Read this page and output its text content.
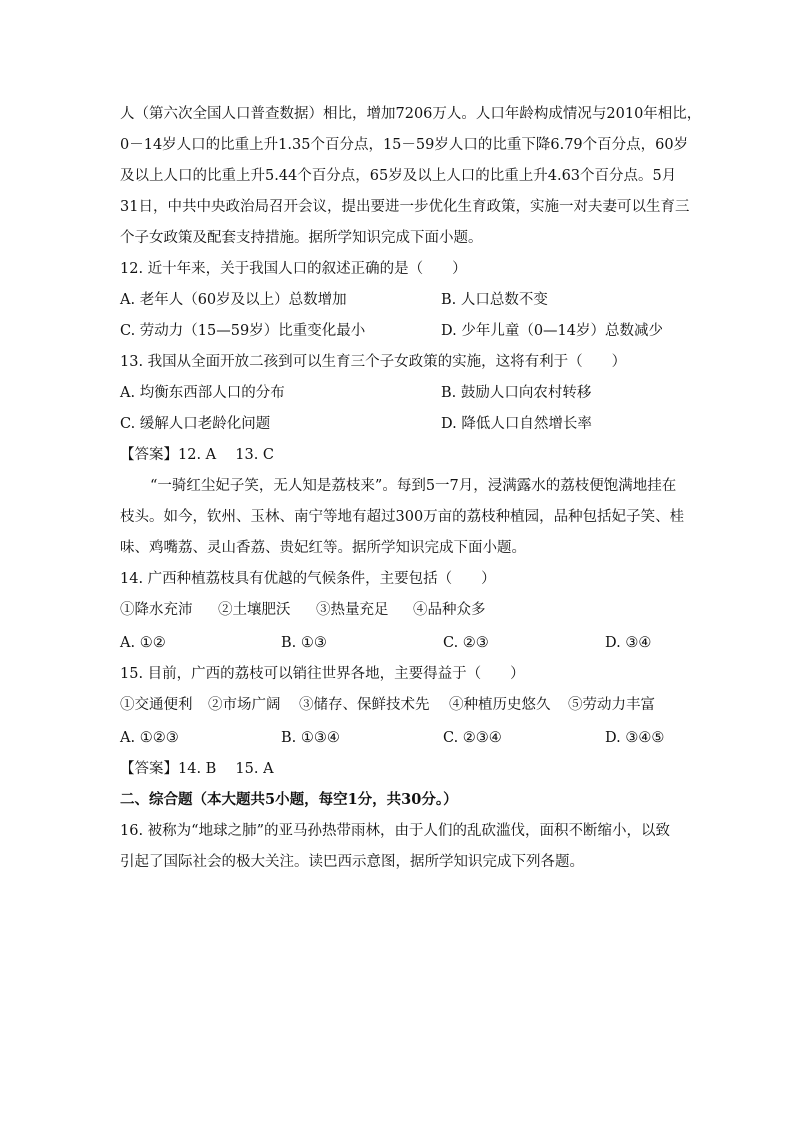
人（第六次全国人口普查数据）相比，增加7206万人。人口年龄构成情况与2010年相比，
0－14岁人口的比重上升1.35个百分点，15－59岁人口的比重下降6.79个百分点，60岁
及以上人口的比重上升5.44个百分点，65岁及以上人口的比重上升4.63个百分点。5月
31日，中共中央政治局召开会议，提出要进一步优化生育政策，实施一对夫妻可以生育三
个子女政策及配套支持措施。据所学知识完成下面小题。
12. 近十年来，关于我国人口的叙述正确的是（　　）
A. 老年人（60岁及以上）总数增加	B. 人口总数不变
C. 劳动力（15—59岁）比重变化最小	D. 少年儿童（0—14岁）总数减少
13. 我国从全面开放二孩到可以生育三个子女政策的实施，这将有利于（　　）
A. 均衡东西部人口的分布	B. 鼓励人口向农村转移
C. 缓解人口老龄化问题	D. 降低人口自然增长率
【答案】12. A　 13. C
“一骑红尘妃子笑，无人知是荔枝来”。每到5一7月，浸满露水的荔枝便饱满地挂在
枝头。如今，钦州、玉林、南宁等地有超过300万亩的荔枝种植园，品种包括妃子笑、桂
味、鸡嘴荔、灵山香荔、贵妃红等。据所学知识完成下面小题。
14. 广西种植荔枝具有优越的气候条件，主要包括（　　）
①降水充沛 ②土壤肥沃 ③热量充足 ④品种众多
A. ①②	B. ①③	C. ②③	D. ③④
15. 目前，广西的荔枝可以销往世界各地，主要得益于（　　）
①交通便利 ②市场广阔 ③储存、保鲜技术先 ④种植历史悠久 ⑤劳动力丰富
A. ①②③	B. ①③④	C. ②③④	D. ③④⑤
【答案】14. B　 15. A
二、综合题（本大题共5小题，每空1分，共30分。）
16. 被称为“地球之肺”的亚马孙热带雨林，由于人们的乱砍滥伐，面积不断缩小，以致
引起了国际社会的极大关注。读巴西示意图，据所学知识完成下列各题。
